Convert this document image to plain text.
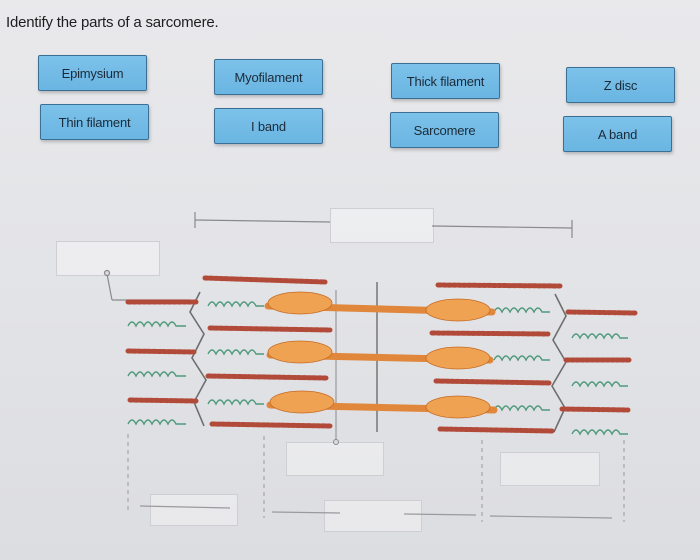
Identify the parts of a sarcomere.
Epimysium	Myofilament	Thick filament	Z disc
Thin filament	I band	Sarcomere	A band
